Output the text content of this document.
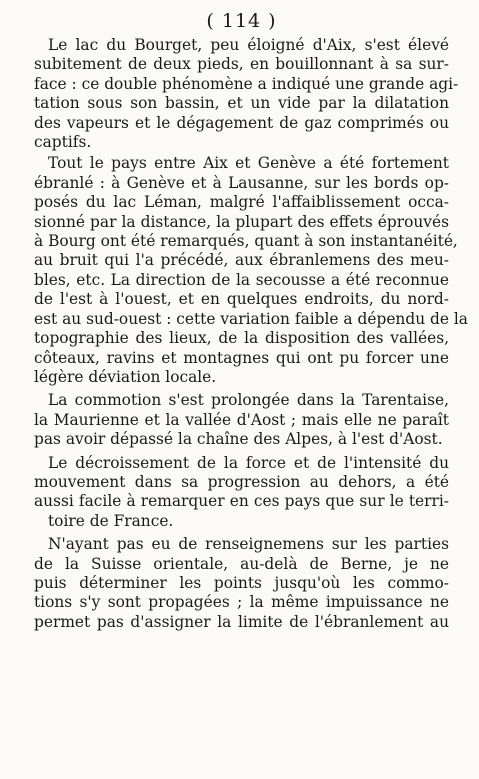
( 114 )
Le lac du Bourget, peu éloigné d'Aix, s'est élevé
subitement de deux pieds, en bouillonnant à sa sur-
face : ce double phénomène a indiqué une grande agi-
tation sous son bassin, et un vide par la dilatation
des vapeurs et le dégagement de gaz comprimés ou
captifs.
Tout le pays entre Aix et Genève a été fortement
ébranlé : à Genève et à Lausanne, sur les bords op-
posés du lac Léman, malgré l'affaiblissement occa-
sionné par la distance, la plupart des effets éprouvés
à Bourg ont été remarqués, quant à son instantanéité,
au bruit qui l'a précédé, aux ébranlemens des meu-
bles, etc. La direction de la secousse a été reconnue
de l'est à l'ouest, et en quelques endroits, du nord-
est au sud-ouest : cette variation faible a dépendu de la
topographie des lieux, de la disposition des vallées,
côteaux, ravins et montagnes qui ont pu forcer une
légère déviation locale.
La commotion s'est prolongée dans la Tarentaise,
la Maurienne et la vallée d'Aost ; mais elle ne paraît
pas avoir dépassé la chaîne des Alpes, à l'est d'Aost.
Le décroissement de la force et de l'intensité du
mouvement dans sa progression au dehors, a été
aussi facile à remarquer en ces pays que sur le terri-
toire de France.
N'ayant pas eu de renseignemens sur les parties
de la Suisse orientale, au-delà de Berne, je ne
puis déterminer les points jusqu'où les commo-
tions s'y sont propagées ; la même impuissance ne
permet pas d'assigner la limite de l'ébranlement au
